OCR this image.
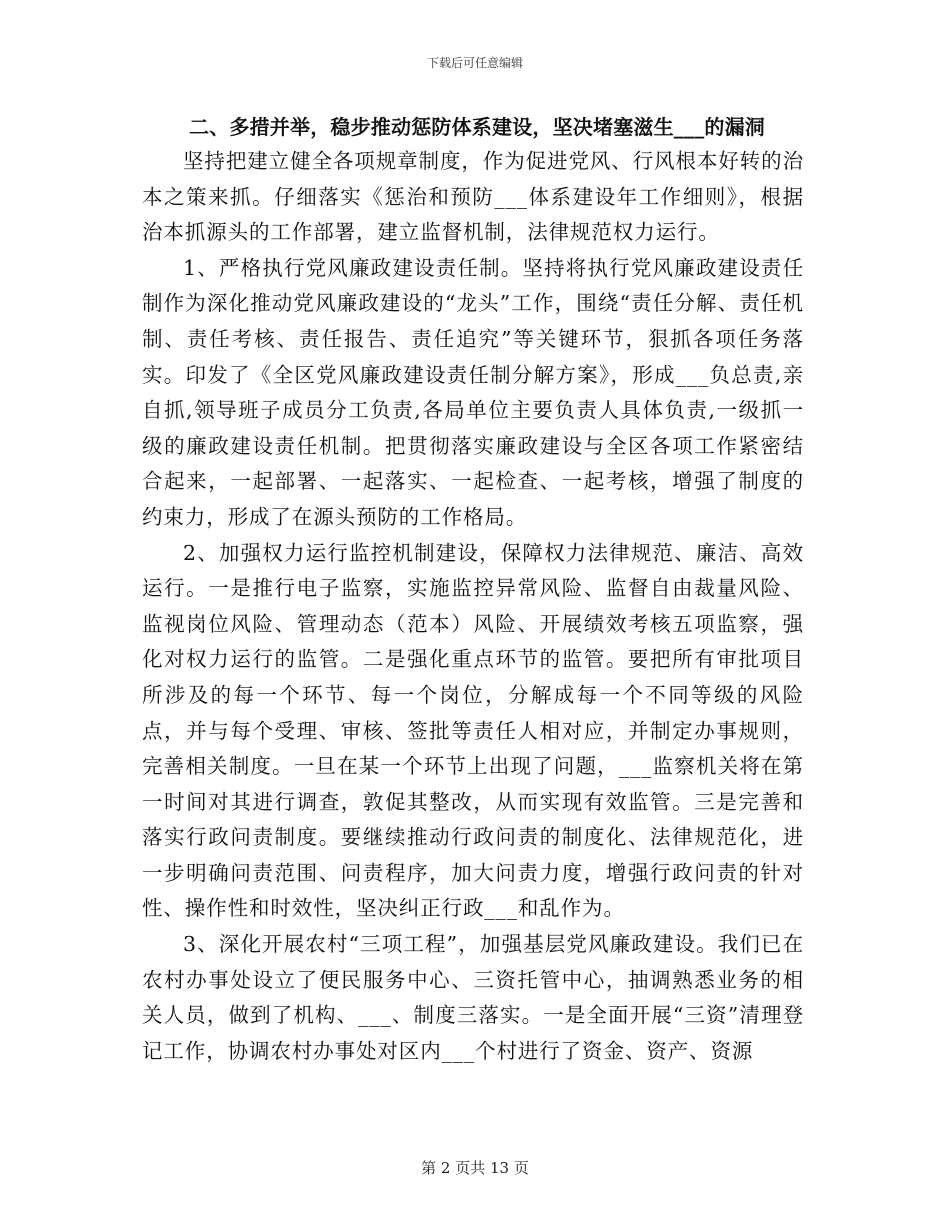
下载后可任意编辑

二、多措并举，稳步推动惩防体系建设，坚决堵塞滋生___的漏洞

坚持把建立健全各项规章制度，作为促进党风、行风根本好转的治本之策来抓。仔细落实《惩治和预防___体系建设年工作细则》，根据治本抓源头的工作部署，建立监督机制，法律规范权力运行。

1、严格执行党风廉政建设责任制。坚持将执行党风廉政建设责任制作为深化推动党风廉政建设的“龙头”工作，围绕“责任分解、责任机制、责任考核、责任报告、责任追究”等关键环节，狠抓各项任务落实。印发了《全区党风廉政建设责任制分解方案》，形成___负总责,亲自抓,领导班子成员分工负责,各局单位主要负责人具体负责,一级抓一级的廉政建设责任机制。把贯彻落实廉政建设与全区各项工作紧密结合起来，一起部署、一起落实、一起检查、一起考核，增强了制度的约束力，形成了在源头预防的工作格局。

2、加强权力运行监控机制建设，保障权力法律规范、廉洁、高效运行。一是推行电子监察，实施监控异常风险、监督自由裁量风险、监视岗位风险、管理动态（范本）风险、开展绩效考核五项监察，强化对权力运行的监管。二是强化重点环节的监管。要把所有审批项目所涉及的每一个环节、每一个岗位，分解成每一个不同等级的风险点，并与每个受理、审核、签批等责任人相对应，并制定办事规则，完善相关制度。一旦在某一个环节上出现了问题，___监察机关将在第一时间对其进行调查，敦促其整改，从而实现有效监管。三是完善和落实行政问责制度。要继续推动行政问责的制度化、法律规范化，进一步明确问责范围、问责程序，加大问责力度，增强行政问责的针对性、操作性和时效性，坚决纠正行政___和乱作为。

3、深化开展农村“三项工程”，加强基层党风廉政建设。我们已在农村办事处设立了便民服务中心、三资托管中心，抽调熟悉业务的相关人员，做到了机构、___、制度三落实。一是全面开展“三资”清理登记工作，协调农村办事处对区内___个村进行了资金、资产、资源

第 2 页共 13 页
